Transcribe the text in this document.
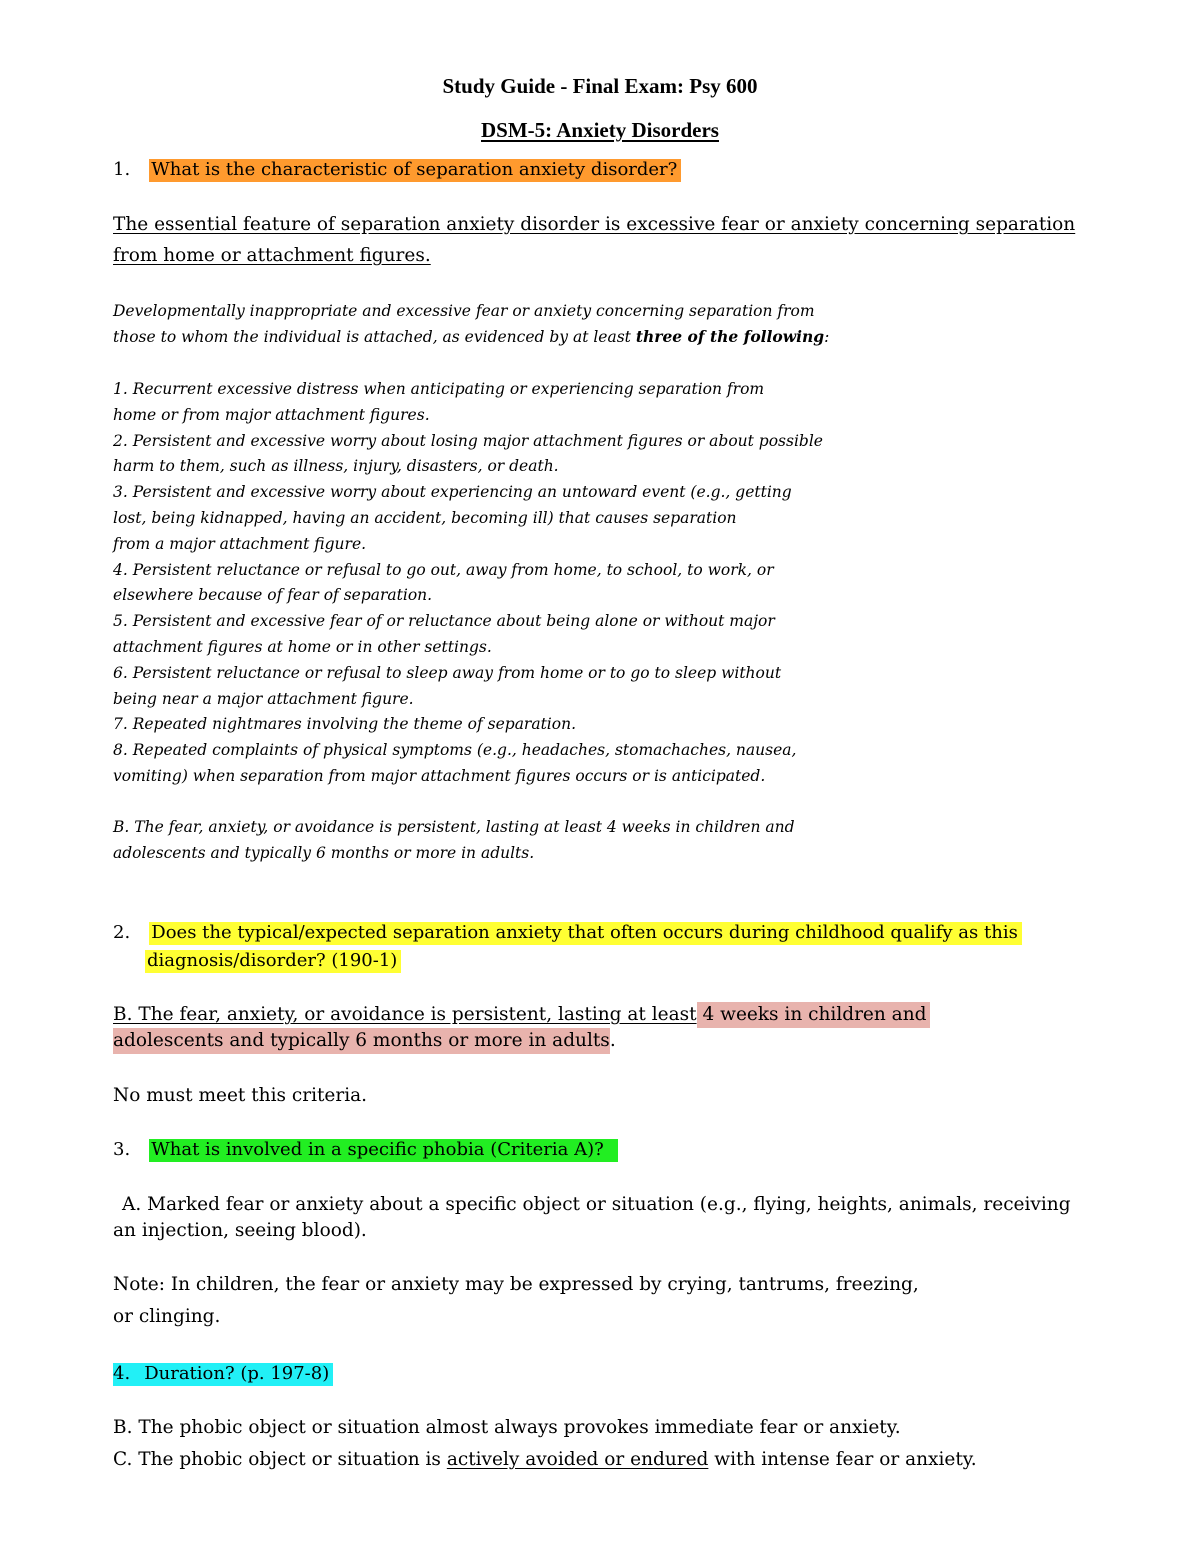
Study Guide - Final Exam: Psy 600
DSM-5: Anxiety Disorders
1. What is the characteristic of separation anxiety disorder?
The essential feature of separation anxiety disorder is excessive fear or anxiety concerning separation
from home or attachment figures.
Developmentally inappropriate and excessive fear or anxiety concerning separation from
those to whom the individual is attached, as evidenced by at least three of the following:
1. Recurrent excessive distress when anticipating or experiencing separation from
home or from major attachment figures.
2. Persistent and excessive worry about losing major attachment figures or about possible
harm to them, such as illness, injury, disasters, or death.
3. Persistent and excessive worry about experiencing an untoward event (e.g., getting
lost, being kidnapped, having an accident, becoming ill) that causes separation
from a major attachment figure.
4. Persistent reluctance or refusal to go out, away from home, to school, to work, or
elsewhere because of fear of separation.
5. Persistent and excessive fear of or reluctance about being alone or without major
attachment figures at home or in other settings.
6. Persistent reluctance or refusal to sleep away from home or to go to sleep without
being near a major attachment figure.
7. Repeated nightmares involving the theme of separation.
8. Repeated complaints of physical symptoms (e.g., headaches, stomachaches, nausea,
vomiting) when separation from major attachment figures occurs or is anticipated.
B. The fear, anxiety, or avoidance is persistent, lasting at least 4 weeks in children and
adolescents and typically 6 months or more in adults.
2. Does the typical/expected separation anxiety that often occurs during childhood qualify as this
diagnosis/disorder? (190-1)
B. The fear, anxiety, or avoidance is persistent, lasting at least 4 weeks in children and
adolescents and typically 6 months or more in adults.
No must meet this criteria.
3. What is involved in a specific phobia (Criteria A)?
A. Marked fear or anxiety about a specific object or situation (e.g., flying, heights, animals, receiving
an injection, seeing blood).
Note: In children, the fear or anxiety may be expressed by crying, tantrums, freezing,
or clinging.
4. Duration? (p. 197-8)
B. The phobic object or situation almost always provokes immediate fear or anxiety.
C. The phobic object or situation is actively avoided or endured with intense fear or anxiety.
